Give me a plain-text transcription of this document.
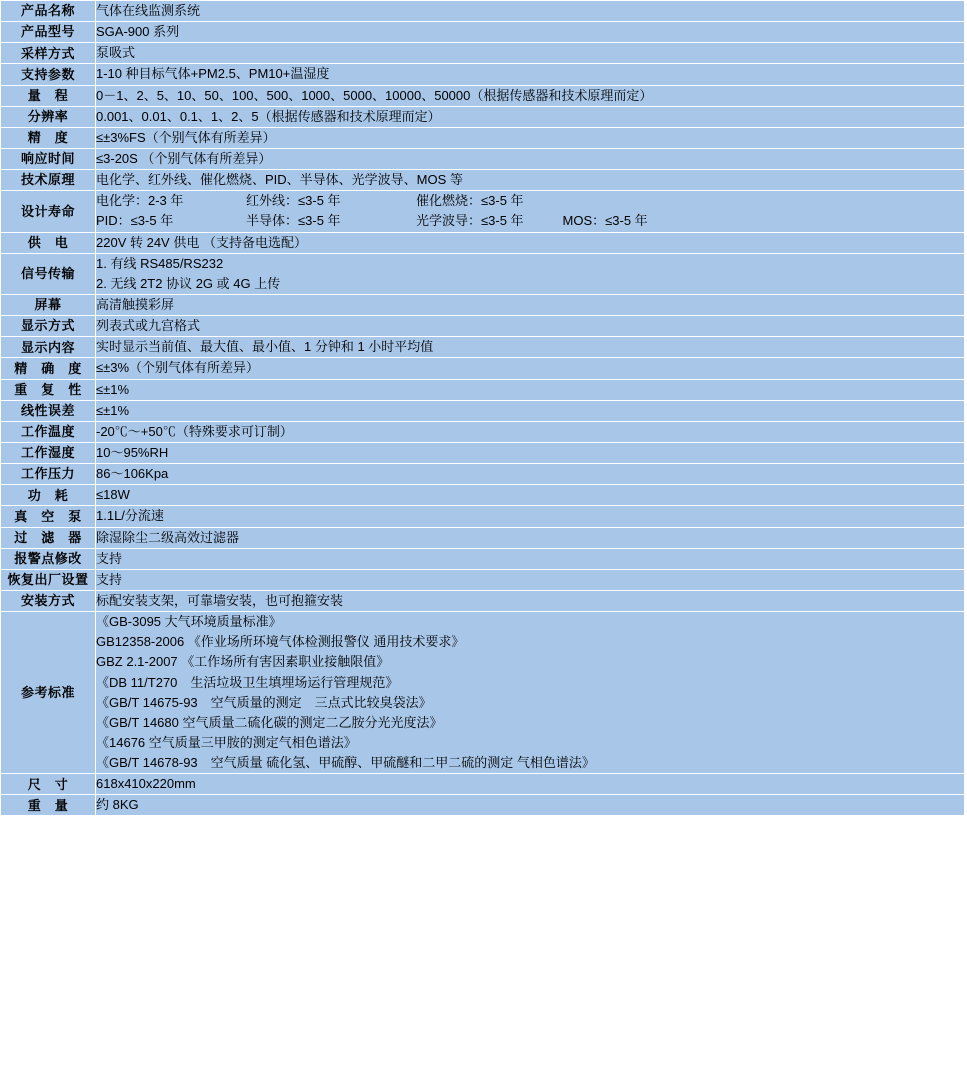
产品名称	气体在线监测系统
产品型号	SGA-900 系列
采样方式	泵吸式
支持参数	1-10 种目标气体+PM2.5、PM10+温湿度
量　程	0－1、2、5、10、50、100、500、1000、5000、10000、50000（根据传感器和技术原理而定）
分辨率	0.001、0.01、0.1、1、2、5（根据传感器和技术原理而定）
精　度	≤±3%FS（个别气体有所差异）
响应时间	≤3-20S （个别气体有所差异）
技术原理	电化学、红外线、催化燃烧、PID、半导体、光学波导、MOS 等
设计寿命	电化学：2-3 年 红外线：≤3-5 年 催化燃烧：≤3-5 年
PID：≤3-5 年 半导体：≤3-5 年 光学波导：≤3-5 年　　　MOS：≤3-5 年

供　电	220V 转 24V 供电 （支持备电选配）
信号传输	1. 有线 RS485/RS232
2. 无线 2T2 协议 2G 或 4G 上传

屏幕	高清触摸彩屏
显示方式	列表式或九宫格式
显示内容	实时显示当前值、最大值、最小值、1 分钟和 1 小时平均值
精　确　度	≤±3%（个别气体有所差异）
重　复　性	≤±1%
线性误差	≤±1%
工作温度	-20℃～+50℃（特殊要求可订制）
工作湿度	10～95%RH
工作压力	86～106Kpa
功　耗	≤18W
真　空　泵	1.1L/分流速
过　滤　器	除湿除尘二级高效过滤器
报警点修改	支持
恢复出厂设置	支持
安装方式	标配安装支架，可靠墙安装，也可抱箍安装
参考标准	
《GB-3095 大气环境质量标准》
GB12358-2006 《作业场所环境气体检测报警仪 通用技术要求》
GBZ 2.1-2007 《工作场所有害因素职业接触限值》
《DB 11/T270　生活垃圾卫生填埋场运行管理规范》
《GB/T 14675-93　空气质量的测定　三点式比较臭袋法》
《GB/T 14680 空气质量二硫化碳的测定二乙胺分光光度法》
《14676 空气质量三甲胺的测定气相色谱法》
《GB/T 14678-93　空气质量 硫化氢、甲硫醇、甲硫醚和二甲二硫的测定 气相色谱法》

尺　寸	618x410x220mm
重　量	约 8KG
